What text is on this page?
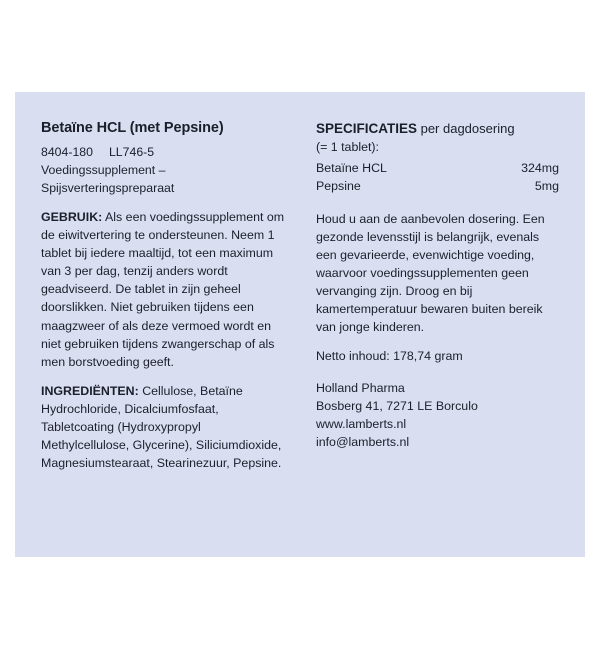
Betaïne HCL (met Pepsine)

8404-180 LL746-5

Voedingssupplement –
Spijsverteringspreparaat

GEBRUIK: Als een voedingssupplement om de eiwitvertering te ondersteunen. Neem 1 tablet bij iedere maaltijd, tot een maximum van 3 per dag, tenzij anders wordt geadviseerd. De tablet in zijn geheel doorslikken. Niet gebruiken tijdens een maagzweer of als deze vermoed wordt en niet gebruiken tijdens zwangerschap of als men borstvoeding geeft.

INGREDIËNTEN: Cellulose, Betaïne Hydrochloride, Dicalciumfosfaat, Tabletcoating (Hydroxypropyl Methylcellulose, Glycerine), Siliciumdioxide, Magnesiumstearaat, Stearinezuur, Pepsine.

SPECIFICATIES per dagdosering

(= 1 tablet):

Betaïne HCL	324mg
Pepsine	5mg

Houd u aan de aanbevolen dosering. Een gezonde levensstijl is belangrijk, evenals een gevarieerde, evenwichtige voeding, waarvoor voedingssupplementen geen vervanging zijn. Droog en bij kamertemperatuur bewaren buiten bereik van jonge kinderen.

Netto inhoud: 178,74 gram

Holland Pharma
Bosberg 41, 7271 LE Borculo
www.lamberts.nl
info@lamberts.nl
